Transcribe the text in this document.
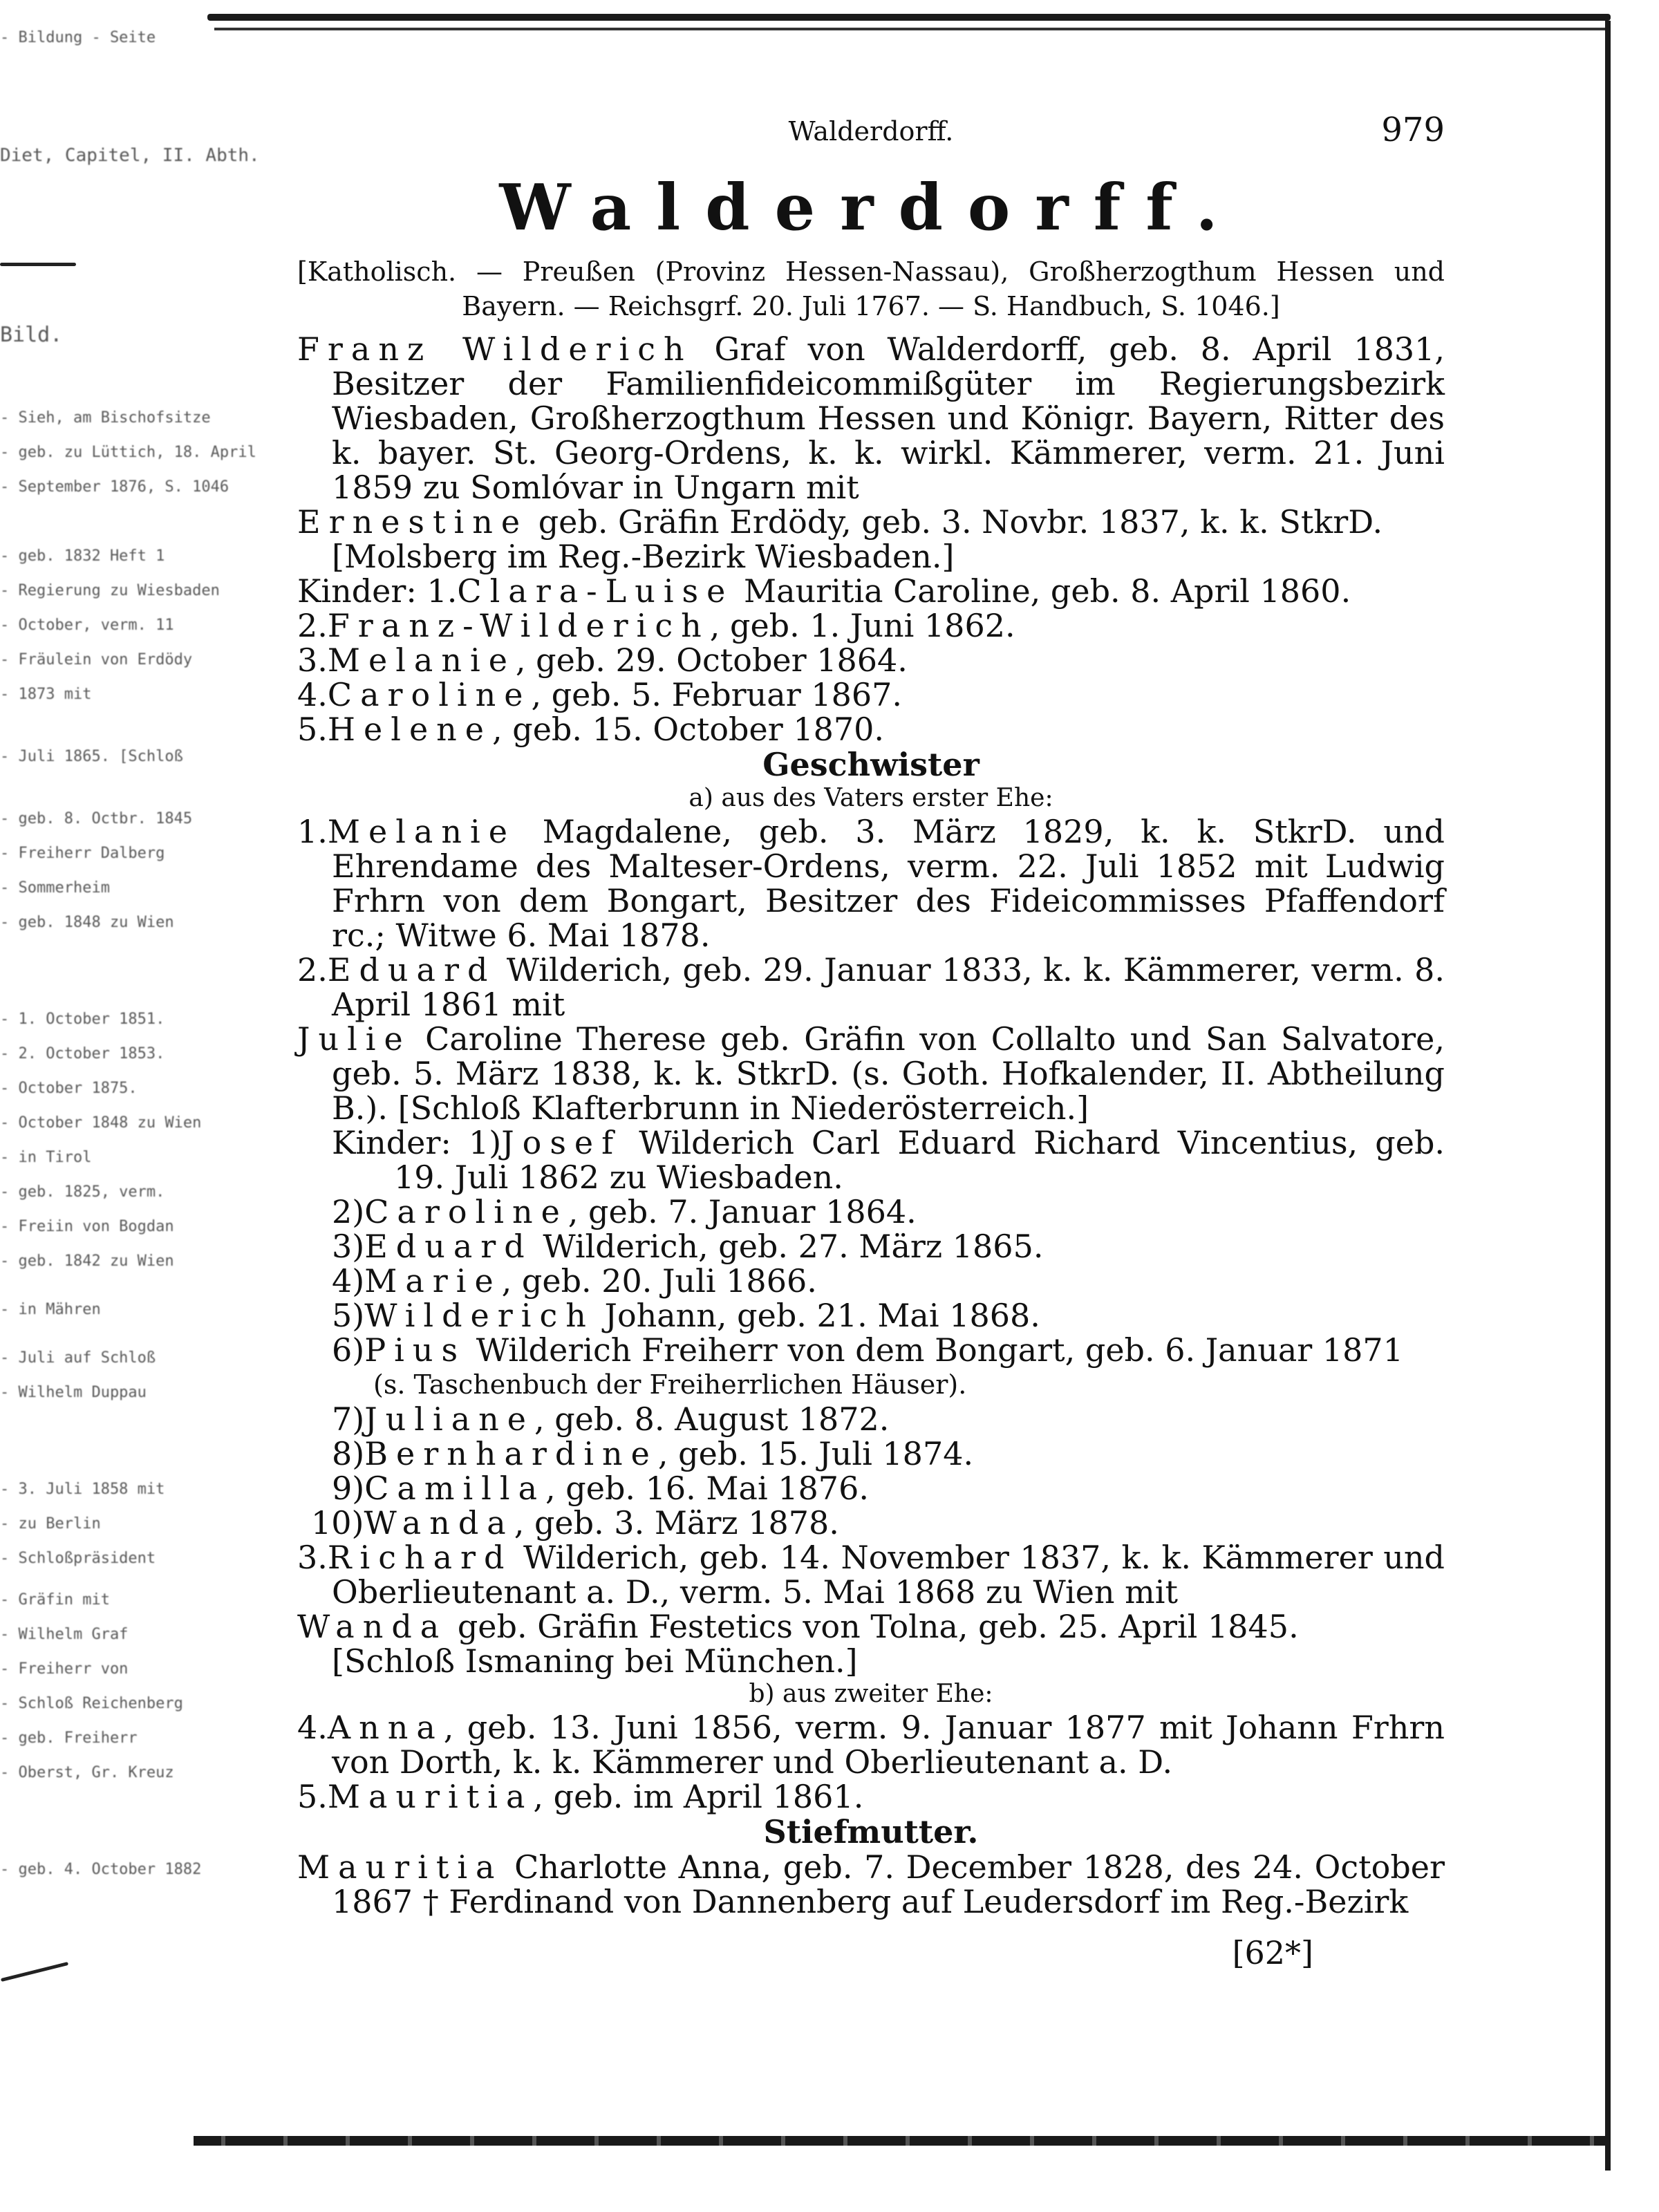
- Bildung - Seite
Diet, Capitel, II. Abth.
Bild.
- Sieh, am Bischofsitze
- geb. zu Lüttich, 18. April
- September 1876, S. 1046
- geb. 1832 Heft 1
- Regierung zu Wiesbaden
- October, verm. 11
- Fräulein von Erdödy
- 1873 mit
- Juli 1865. [Schloß
- geb. 8. Octbr. 1845
- Freiherr Dalberg
- Sommerheim
- geb. 1848 zu Wien
- 1. October 1851.
- 2. October 1853.
- October 1875.
- October 1848 zu Wien
- in Tirol
- geb. 1825, verm.
- Freiin von Bogdan
- geb. 1842 zu Wien
- in Mähren
- Juli auf Schloß
- Wilhelm Duppau
- 3. Juli 1858 mit
- zu Berlin
- Schloßpräsident
- Gräfin mit
- Wilhelm Graf
- Freiherr von
- Schloß Reichenberg
- geb. Freiherr
- Oberst, Gr. Kreuz
- geb. 4. October 1882
Walderdorff.	979
Walderdorff.
[Katholisch. — Preußen (Provinz Hessen-Nassau), Großherzogthum Hessen und
Bayern. — Reichsgrf. 20. Juli 1767. — S. Handbuch, S. 1046.]
Franz Wilderich Graf von Walderdorff, geb. 8. April 1831, Besitzer der Familienfideicommißgüter im Regierungsbezirk Wiesbaden, Großherzogthum Hessen und Königr. Bayern, Ritter des k. bayer. St. Georg-Ordens, k. k. wirkl. Kämmerer, verm. 21. Juni 1859 zu Somlóvar in Ungarn mit
Ernestine geb. Gräfin Erdödy, geb. 3. Novbr. 1837, k. k. StkrD.
[Molsberg im Reg.-Bezirk Wiesbaden.]
Kinder: 1.Clara-Luise Mauritia Caroline, geb. 8. April 1860.
2.Franz-Wilderich, geb. 1. Juni 1862.
3.Melanie, geb. 29. October 1864.
4.Caroline, geb. 5. Februar 1867.
5.Helene, geb. 15. October 1870.
Geschwister
a) aus des Vaters erster Ehe:
1.Melanie Magdalene, geb. 3. März 1829, k. k. StkrD. und Ehrendame des Malteser-Ordens, verm. 22. Juli 1852 mit Ludwig Frhrn von dem Bongart, Besitzer des Fideicommisses Pfaffendorf rc.; Witwe 6. Mai 1878.
2.Eduard Wilderich, geb. 29. Januar 1833, k. k. Kämmerer, verm. 8. April 1861 mit
Julie Caroline Therese geb. Gräfin von Collalto und San Salvatore, geb. 5. März 1838, k. k. StkrD. (s. Goth. Hofkalender, II. Abtheilung B.). [Schloß Klafterbrunn in Niederösterreich.]
Kinder: 1)Josef Wilderich Carl Eduard Richard Vincentius, geb. 19. Juli 1862 zu Wiesbaden.
2)Caroline, geb. 7. Januar 1864.
3)Eduard Wilderich, geb. 27. März 1865.
4)Marie, geb. 20. Juli 1866.
5)Wilderich Johann, geb. 21. Mai 1868.
6)Pius Wilderich Freiherr von dem Bongart, geb. 6. Januar 1871
(s. Taschenbuch der Freiherrlichen Häuser).
7)Juliane, geb. 8. August 1872.
8)Bernhardine, geb. 15. Juli 1874.
9)Camilla, geb. 16. Mai 1876.
10)Wanda, geb. 3. März 1878.
3.Richard Wilderich, geb. 14. November 1837, k. k. Kämmerer und Oberlieutenant a. D., verm. 5. Mai 1868 zu Wien mit
Wanda geb. Gräfin Festetics von Tolna, geb. 25. April 1845.
[Schloß Ismaning bei München.]
b) aus zweiter Ehe:
4.Anna, geb. 13. Juni 1856, verm. 9. Januar 1877 mit Johann Frhrn von Dorth, k. k. Kämmerer und Oberlieutenant a. D.
5.Mauritia, geb. im April 1861.
Stiefmutter.
Mauritia Charlotte Anna, geb. 7. December 1828, des 24. October 1867 † Ferdinand von Dannenberg auf Leudersdorf im Reg.-Bezirk
[62*]
